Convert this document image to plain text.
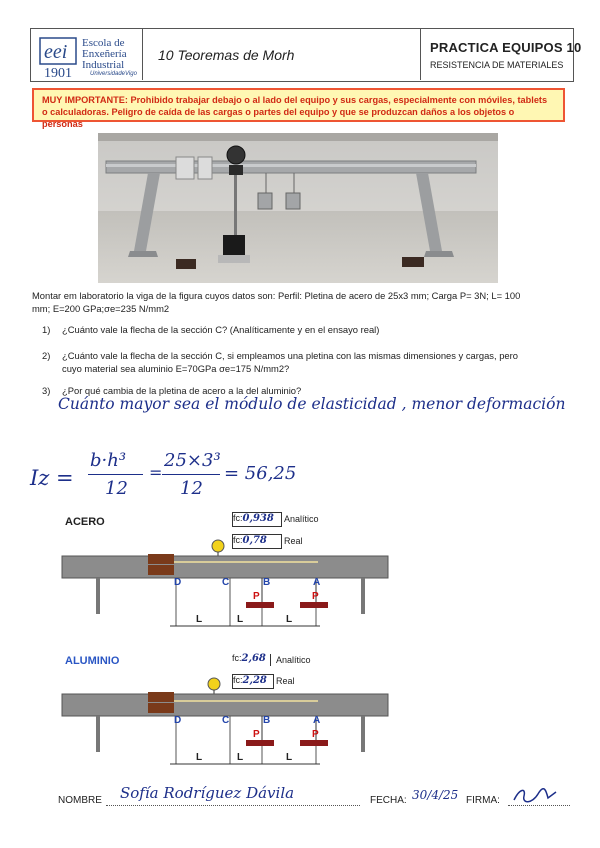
eei Escola de
Enxeñería
Industrial
1901	UniversidadeVigo
10 Teoremas de Morh	PRACTICA EQUIPOS 10
RESISTENCIA DE MATERIALES
MUY IMPORTANTE: Prohibido trabajar debajo o al lado del equipo y sus cargas, especialmente con móviles, tablets o calculadoras. Peligro de caída de las cargas o partes del equipo y que se produzcan daños a los objetos o personas
Montar em laboratorio la viga de la figura cuyos datos son: Perfil: Pletina de acero de 25x3 mm; Carga P= 3N; L= 100
mm; E=200 GPa;σe=235 N/mm2
1) ¿Cuánto vale la flecha de la sección C? (Analíticamente y en el ensayo real)
2) ¿Cuánto vale la flecha de la sección C, si empleamos una pletina con las mismas dimensiones y cargas, pero
cuyo material sea aluminio E=70GPa σe=175 N/mm2?
3) ¿Por qué cambia de la pletina de acero a la del aluminio?
Cuánto mayor sea el módulo de elasticidad , menor deformación
Iz =
b·h³
12
=
25×3³
12
= 56,25
ACERO	fc:0,938	Analítico
fc:0,78	Real
D	C	B	A
P	P
L	L	L
ALUMINIO	fc:2,68 Analítico
fc:2,28	Real
D	C	B	A
P	P
L	L	L
NOMBRE Sofía Rodríguez Dávila	FECHA: 30/4/25 FIRMA:
